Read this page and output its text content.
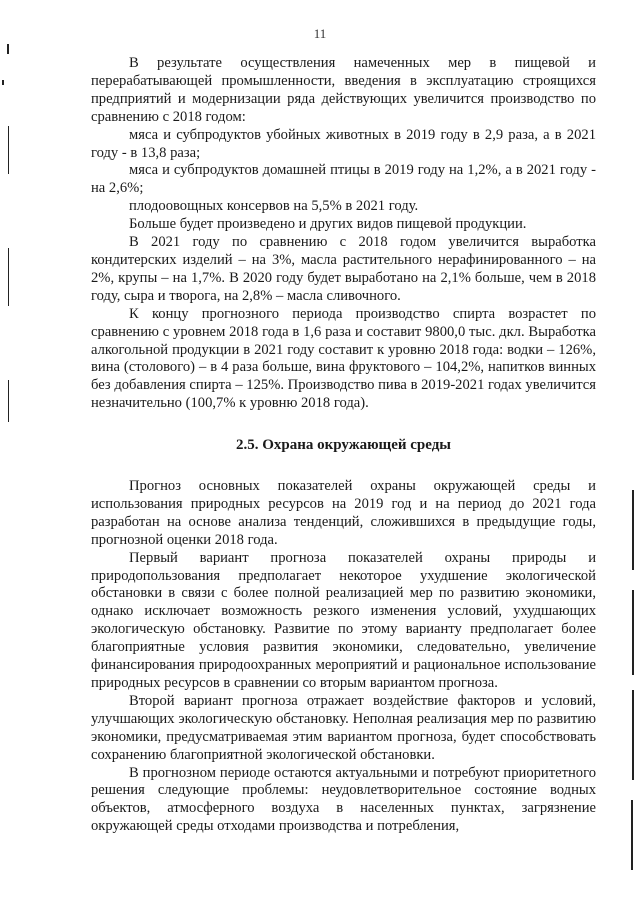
11

В результате осуществления намеченных мер в пищевой и перерабатывающей промышленности, введения в эксплуатацию строящихся предприятий и модернизации ряда действующих увеличится производство по сравнению с 2018 годом:

мяса и субпродуктов убойных животных в 2019 году в 2,9 раза, а в 2021 году - в 13,8 раза;

мяса и субпродуктов домашней птицы в 2019 году на 1,2%, а в 2021 году - на 2,6%;

плодоовощных консервов на 5,5% в 2021 году.

Больше будет произведено и других видов пищевой продукции.

В 2021 году по сравнению с 2018 годом увеличится выработка кондитерских изделий – на 3%, масла растительного нерафинированного – на 2%, крупы – на 1,7%. В 2020 году будет выработано на 2,1% больше, чем в 2018 году, сыра и творога, на 2,8% – масла сливочного.

К концу прогнозного периода производство спирта возрастет по сравнению с уровнем 2018 года в 1,6 раза и составит 9800,0 тыс. дкл. Выработка алкогольной продукции в 2021 году составит к уровню 2018 года: водки – 126%, вина (столового) – в 4 раза больше, вина фруктового – 104,2%, напитков винных без добавления спирта – 125%. Производство пива в 2019-2021 годах увеличится незначительно (100,7% к уровню 2018 года).

2.5. Охрана окружающей среды

Прогноз основных показателей охраны окружающей среды и использования природных ресурсов на 2019 год и на период до 2021 года разработан на основе анализа тенденций, сложившихся в предыдущие годы, прогнозной оценки 2018 года.

Первый вариант прогноза показателей охраны природы и природопользования предполагает некоторое ухудшение экологической обстановки в связи с более полной реализацией мер по развитию экономики, однако исключает возможность резкого изменения условий, ухудшающих экологическую обстановку. Развитие по этому варианту предполагает более благоприятные условия развития экономики, следовательно, увеличение финансирования природоохранных мероприятий и рациональное использование природных ресурсов в сравнении со вторым вариантом прогноза.

Второй вариант прогноза отражает воздействие факторов и условий, улучшающих экологическую обстановку. Неполная реализация мер по развитию экономики, предусматриваемая этим вариантом прогноза, будет способствовать сохранению благоприятной экологической обстановки.

В прогнозном периоде остаются актуальными и потребуют приоритетного решения следующие проблемы: неудовлетворительное состояние водных объектов, атмосферного воздуха в населенных пунктах, загрязнение окружающей среды отходами производства и потребления,
